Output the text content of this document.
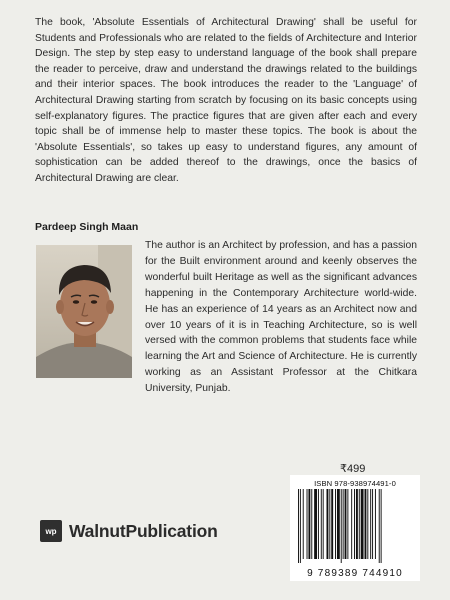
The book, 'Absolute Essentials of Architectural Drawing' shall be useful for Students and Professionals who are related to the fields of Architecture and Interior Design. The step by step easy to understand language of the book shall prepare the reader to perceive, draw and understand the drawings related to the buildings and their interior spaces. The book introduces the reader to the 'Language' of Architectural Drawing starting from scratch by focusing on its basic concepts using self-explanatory figures. The practice figures that are given after each and every topic shall be of immense help to master these topics. The book is about the 'Absolute Essentials', so takes up easy to understand figures, any amount of sophistication can be added thereof to the drawings, once the basics of Architectural Drawing are clear.

Pardeep Singh Maan

The author is an Architect by profession, and has a passion for the Built environment around and keenly observes the wonderful built Heritage as well as the significant advances happening in the Contemporary Architecture world-wide. He has an experience of 14 years as an Architect now and over 10 years of it is in Teaching Architecture, so is well versed with the common problems that students face while learning the Art and Science of Architecture. He is currently working as an Assistant Professor at the Chitkara University, Punjab.

₹499
ISBN 978-938974491-0
9 789389 744910
wp WalnutPublication
